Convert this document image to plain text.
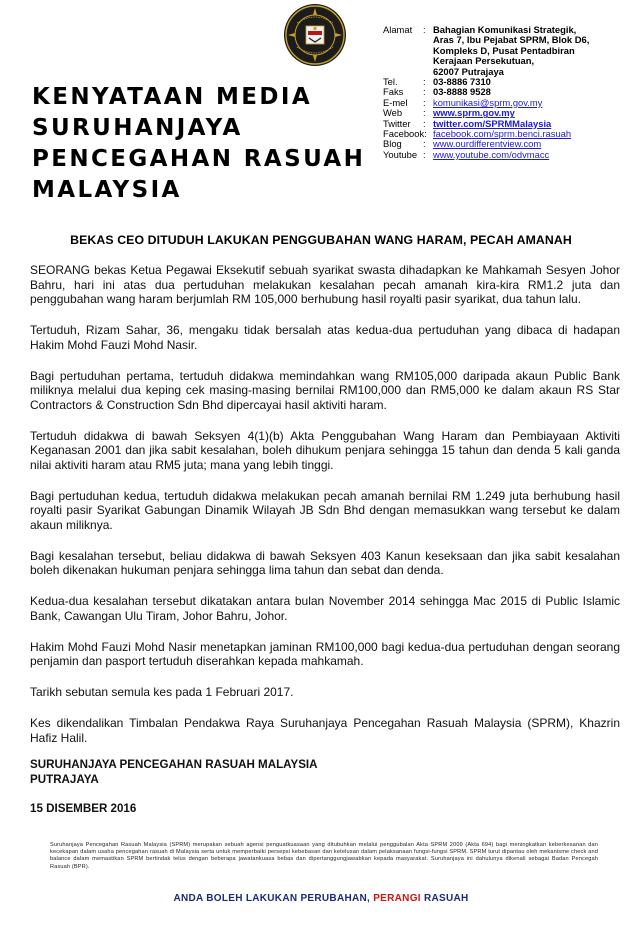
KENYATAAN MEDIA
SURUHANJAYA
PENCEGAHAN RASUAH
MALAYSIA
Alamat	: Bahagian Komunikasi Strategik,
Aras 7, Ibu Pejabat SPRM, Blok D6,
Kompleks D, Pusat Pentadbiran
Kerajaan Persekutuan,
62007 Putrajaya
Tel.	: 03-8886 7310
Faks	: 03-8888 9528
E-mel	: komunikasi@sprm.gov.my
Web	: www.sprm.gov.my
Twitter	: twitter.com/SPRMMalaysia
Facebook: facebook.com/sprm.benci.rasuah
Blog	: www.ourdifferentview.com
Youtube : www.youtube.com/odvmacc
BEKAS CEO DITUDUH LAKUKAN PENGGUBAHAN WANG HARAM, PECAH AMANAH

SEORANG bekas Ketua Pegawai Eksekutif sebuah syarikat swasta dihadapkan ke Mahkamah Sesyen Johor Bahru, hari ini atas dua pertuduhan melakukan kesalahan pecah amanah kira-kira RM1.2 juta dan penggubahan wang haram berjumlah RM 105,000 berhubung hasil royalti pasir syarikat, dua tahun lalu.

Tertuduh, Rizam Sahar, 36, mengaku tidak bersalah atas kedua-dua pertuduhan yang dibaca di hadapan Hakim Mohd Fauzi Mohd Nasir.

Bagi pertuduhan pertama, tertuduh didakwa memindahkan wang RM105,000 daripada akaun Public Bank miliknya melalui dua keping cek masing-masing bernilai RM100,000 dan RM5,000 ke dalam akaun RS Star Contractors & Construction Sdn Bhd dipercayai hasil aktiviti haram.

Tertuduh didakwa di bawah Seksyen 4(1)(b) Akta Penggubahan Wang Haram dan Pembiayaan Aktiviti Keganasan 2001 dan jika sabit kesalahan, boleh dihukum penjara sehingga 15 tahun dan denda 5 kali ganda nilai aktiviti haram atau RM5 juta; mana yang lebih tinggi.

Bagi pertuduhan kedua, tertuduh didakwa melakukan pecah amanah bernilai RM 1.249 juta berhubung hasil royalti pasir Syarikat Gabungan Dinamik Wilayah JB Sdn Bhd dengan memasukkan wang tersebut ke dalam akaun miliknya.

Bagi kesalahan tersebut, beliau didakwa di bawah Seksyen 403 Kanun keseksaan dan jika sabit kesalahan boleh dikenakan hukuman penjara sehingga lima tahun dan sebat dan denda.

Kedua-dua kesalahan tersebut dikatakan antara bulan November 2014 sehingga Mac 2015 di Public Islamic Bank, Cawangan Ulu Tiram, Johor Bahru, Johor.

Hakim Mohd Fauzi Mohd Nasir menetapkan jaminan RM100,000 bagi kedua-dua pertuduhan dengan seorang penjamin dan pasport tertuduh diserahkan kepada mahkamah.

Tarikh sebutan semula kes pada 1 Februari 2017.

Kes dikendalikan Timbalan Pendakwa Raya Suruhanjaya Pencegahan Rasuah Malaysia (SPRM), Khazrin Hafiz Halil.

SURUHANJAYA PENCEGAHAN RASUAH MALAYSIA
PUTRAJAYA
15 DISEMBER 2016
Suruhanjaya Pencegahan Rasuah Malaysia (SPRM) merupakan sebuah agensi penguatkuasaan yang ditubuhkan melalui penggubalan Akta SPRM 2009 (Akta 694) bagi meningkatkan keberkesanan dan kecekapan dalam usaha pencegahan rasuah di Malaysia serta untuk memperbaiki persepsi kebebasan dan ketelusan dalam pelaksanaan fungsi-fungsi SPRM. SPRM turut dipantau oleh mekanisme check and balance dalam memastikan SPRM bertindak telus dengan beberapa jawatankuasa bebas dan dipertanggungjawabkan kepada masyarakat. Suruhanjaya ini dahulunya dikenali sebagai Badan Pencegah Rasuah (BPR).
ANDA BOLEH LAKUKAN PERUBAHAN, PERANGI RASUAH
